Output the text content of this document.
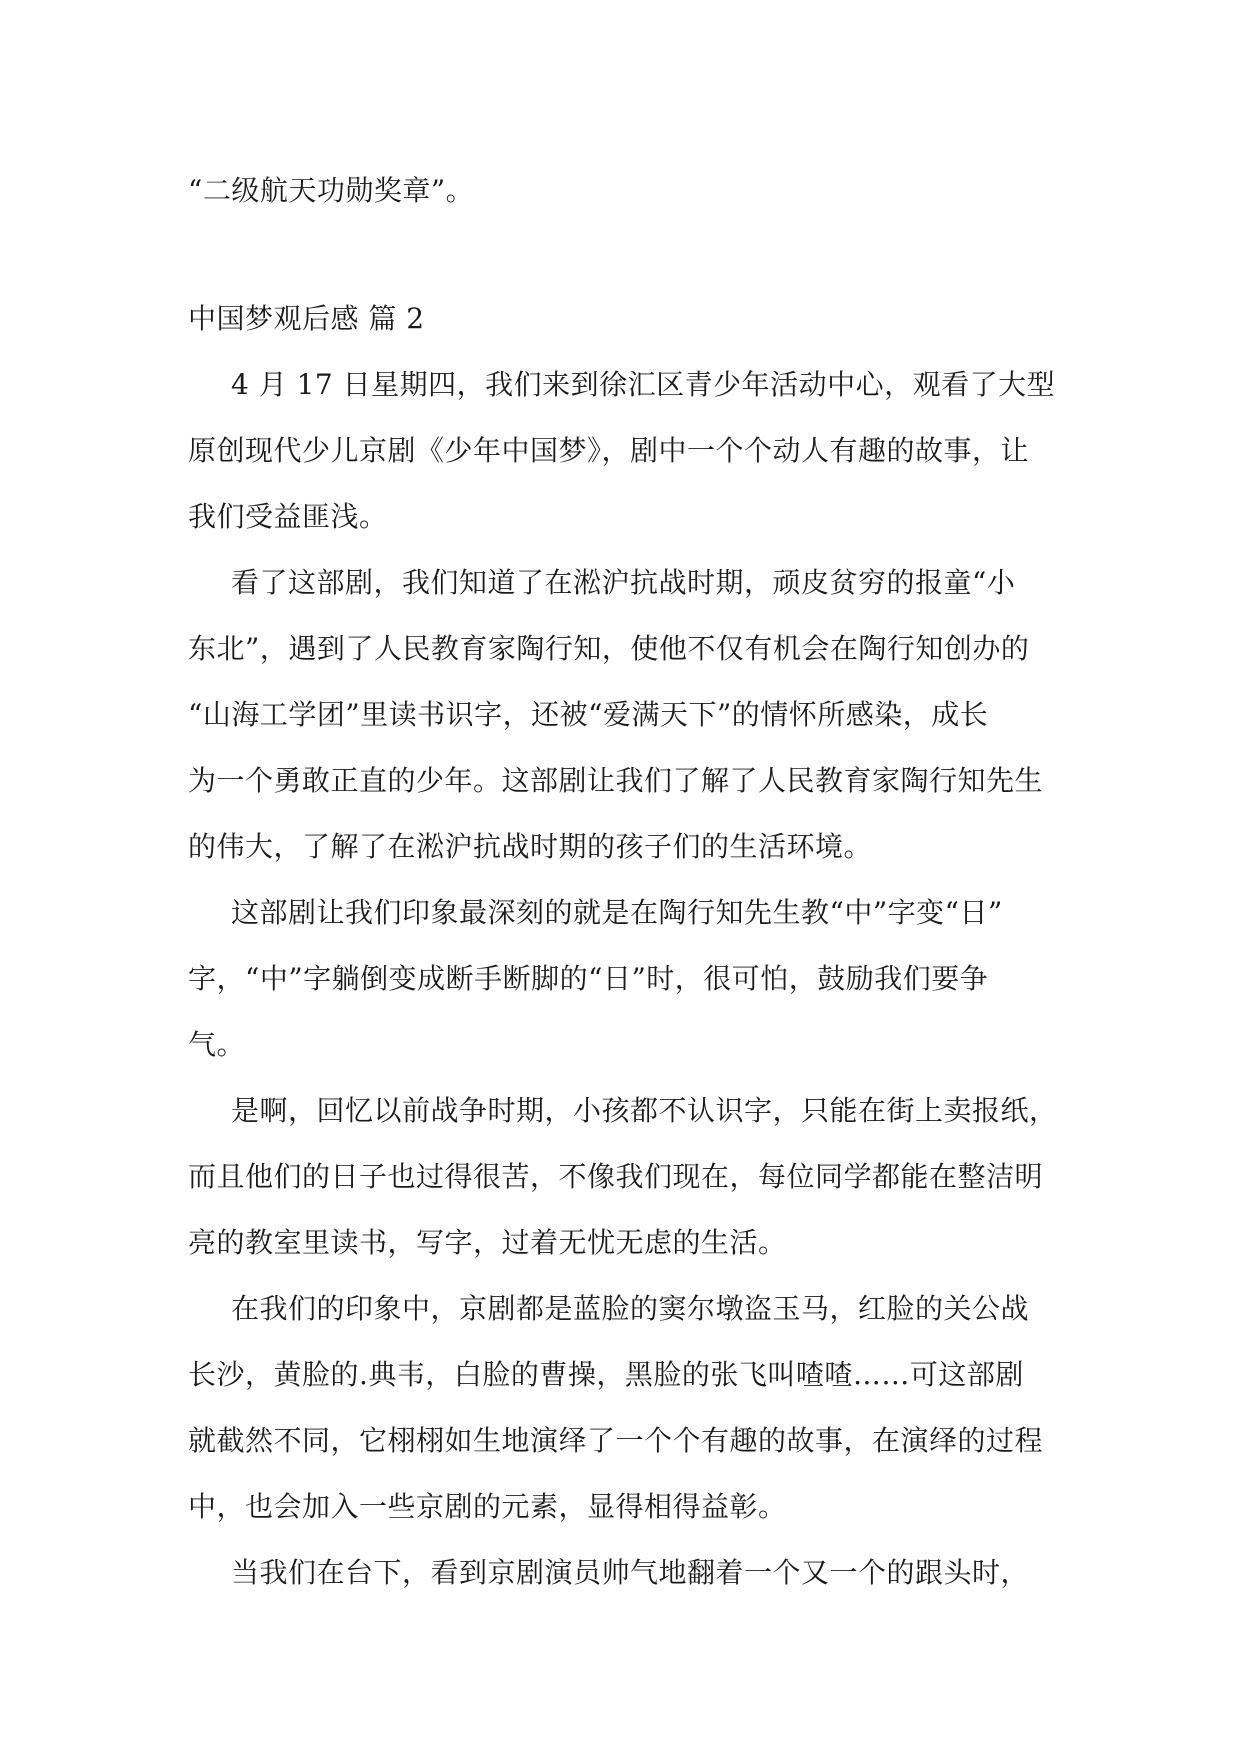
“二级航天功勋奖章”。
中国梦观后感 篇 2
4 月 17 日星期四，我们来到徐汇区青少年活动中心，观看了大型
原创现代少儿京剧《少年中国梦》，剧中一个个动人有趣的故事，让
我们受益匪浅。
看了这部剧，我们知道了在淞沪抗战时期，顽皮贫穷的报童“小
东北”，遇到了人民教育家陶行知，使他不仅有机会在陶行知创办的
“山海工学团”里读书识字，还被“爱满天下”的情怀所感染，成长
为一个勇敢正直的少年。这部剧让我们了解了人民教育家陶行知先生
的伟大，了解了在淞沪抗战时期的孩子们的生活环境。
这部剧让我们印象最深刻的就是在陶行知先生教“中”字变“日”
字，“中”字躺倒变成断手断脚的“日”时，很可怕，鼓励我们要争
气。
是啊，回忆以前战争时期，小孩都不认识字，只能在街上卖报纸，
而且他们的日子也过得很苦，不像我们现在，每位同学都能在整洁明
亮的教室里读书，写字，过着无忧无虑的生活。
在我们的印象中，京剧都是蓝脸的窦尔墩盗玉马，红脸的关公战
长沙，黄脸的.典韦，白脸的曹操，黑脸的张飞叫喳喳……可这部剧
就截然不同，它栩栩如生地演绎了一个个有趣的故事，在演绎的过程
中，也会加入一些京剧的元素，显得相得益彰。
当我们在台下，看到京剧演员帅气地翻着一个又一个的跟头时，
